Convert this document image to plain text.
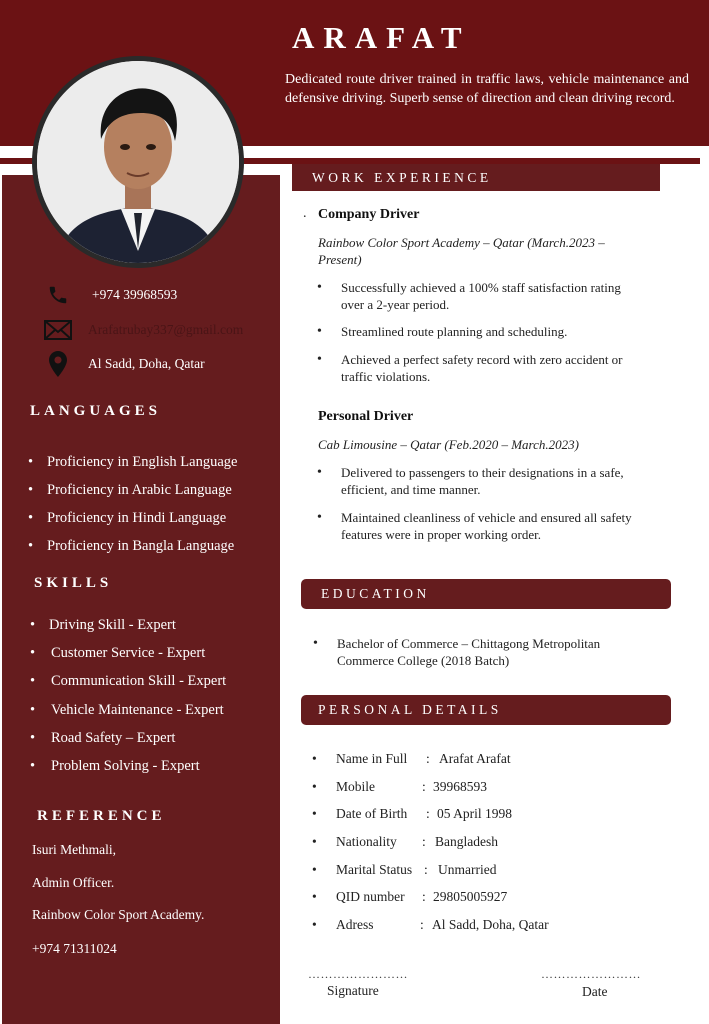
ARAFAT
Dedicated route driver trained in traffic laws, vehicle maintenance and defensive driving. Superb sense of direction and clean driving record.
+974 39968593
Arafatrubay337@gmail.com
Al Sadd, Doha, Qatar
LANGUAGES
• Proficiency in English Language
• Proficiency in Arabic Language
• Proficiency in Hindi Language
• Proficiency in Bangla Language
SKILLS
• Driving Skill - Expert
• Customer Service - Expert
• Communication Skill - Expert
• Vehicle Maintenance - Expert
• Road Safety – Expert
• Problem Solving - Expert
REFERENCE
Isuri Methmali,
Admin Officer.
Rainbow Color Sport Academy.
+974 71311024
WORK EXPERIENCE
. Company Driver
Rainbow Color Sport Academy – Qatar (March.2023 – Present)
• Successfully achieved a 100% staff satisfaction rating over a 2-year period.
• Streamlined route planning and scheduling.
• Achieved a perfect safety record with zero accident or traffic violations.
Personal Driver
Cab Limousine – Qatar (Feb.2020 – March.2023)
• Delivered to passengers to their designations in a safe, efficient, and time manner.
• Maintained cleanliness of vehicle and ensured all safety features were in proper working order.
EDUCATION
• Bachelor of Commerce – Chittagong Metropolitan Commerce College (2018 Batch)
PERSONAL DETAILS
•	Name in Full	: Arafat Arafat
•	Mobile	: 39968593
•	Date of Birth	: 05 April 1998
•	Nationality	: Bangladesh
•	Marital Status : Unmarried
•	QID number	: 29805005927
•	Adress	: Al Sadd, Doha, Qatar
……………………
Signature
……………………
Date
